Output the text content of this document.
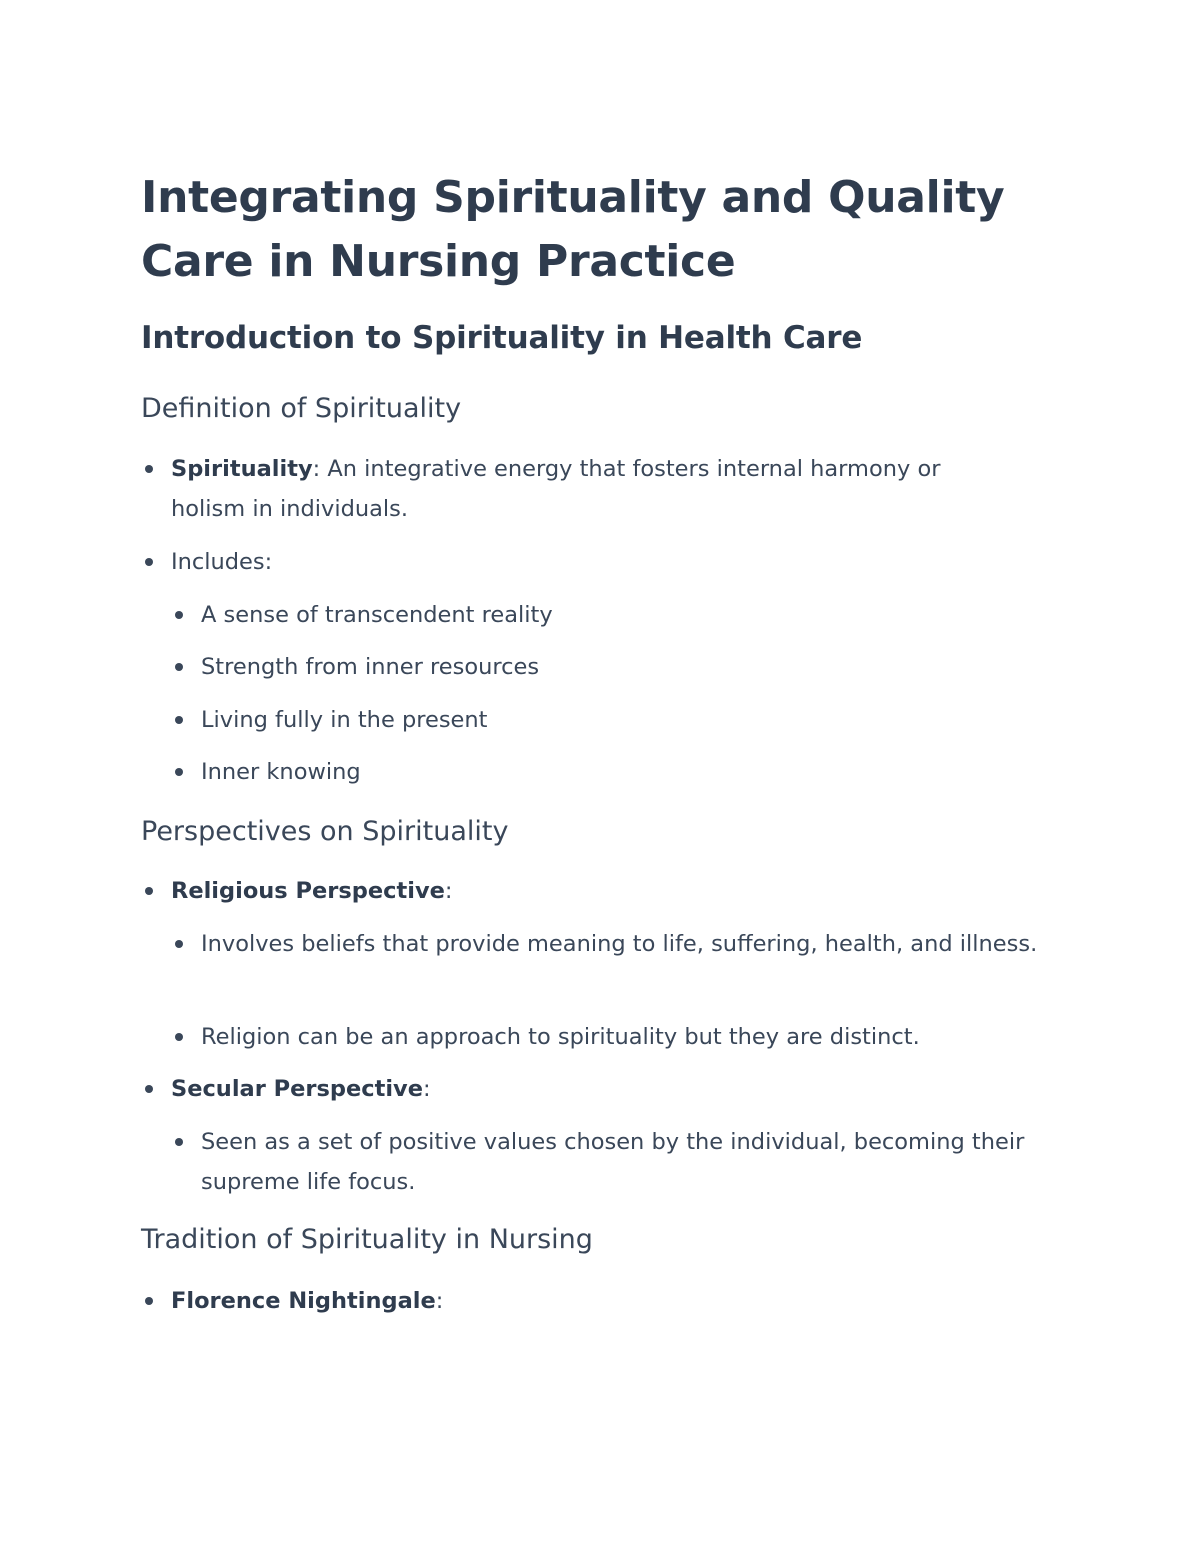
Integrating Spirituality and Quality Care in Nursing Practice
Introduction to Spirituality in Health Care
Definition of Spirituality
Spirituality: An integrative energy that fosters internal harmony or holism in individuals.
Includes:
A sense of transcendent reality
Strength from inner resources
Living fully in the present
Inner knowing
Perspectives on Spirituality
Religious Perspective:
Involves beliefs that provide meaning to life, suffering, health, and illness.
Religion can be an approach to spirituality but they are distinct.
Secular Perspective:
Seen as a set of positive values chosen by the individual, becoming their supreme life focus.
Tradition of Spirituality in Nursing
Florence Nightingale:
